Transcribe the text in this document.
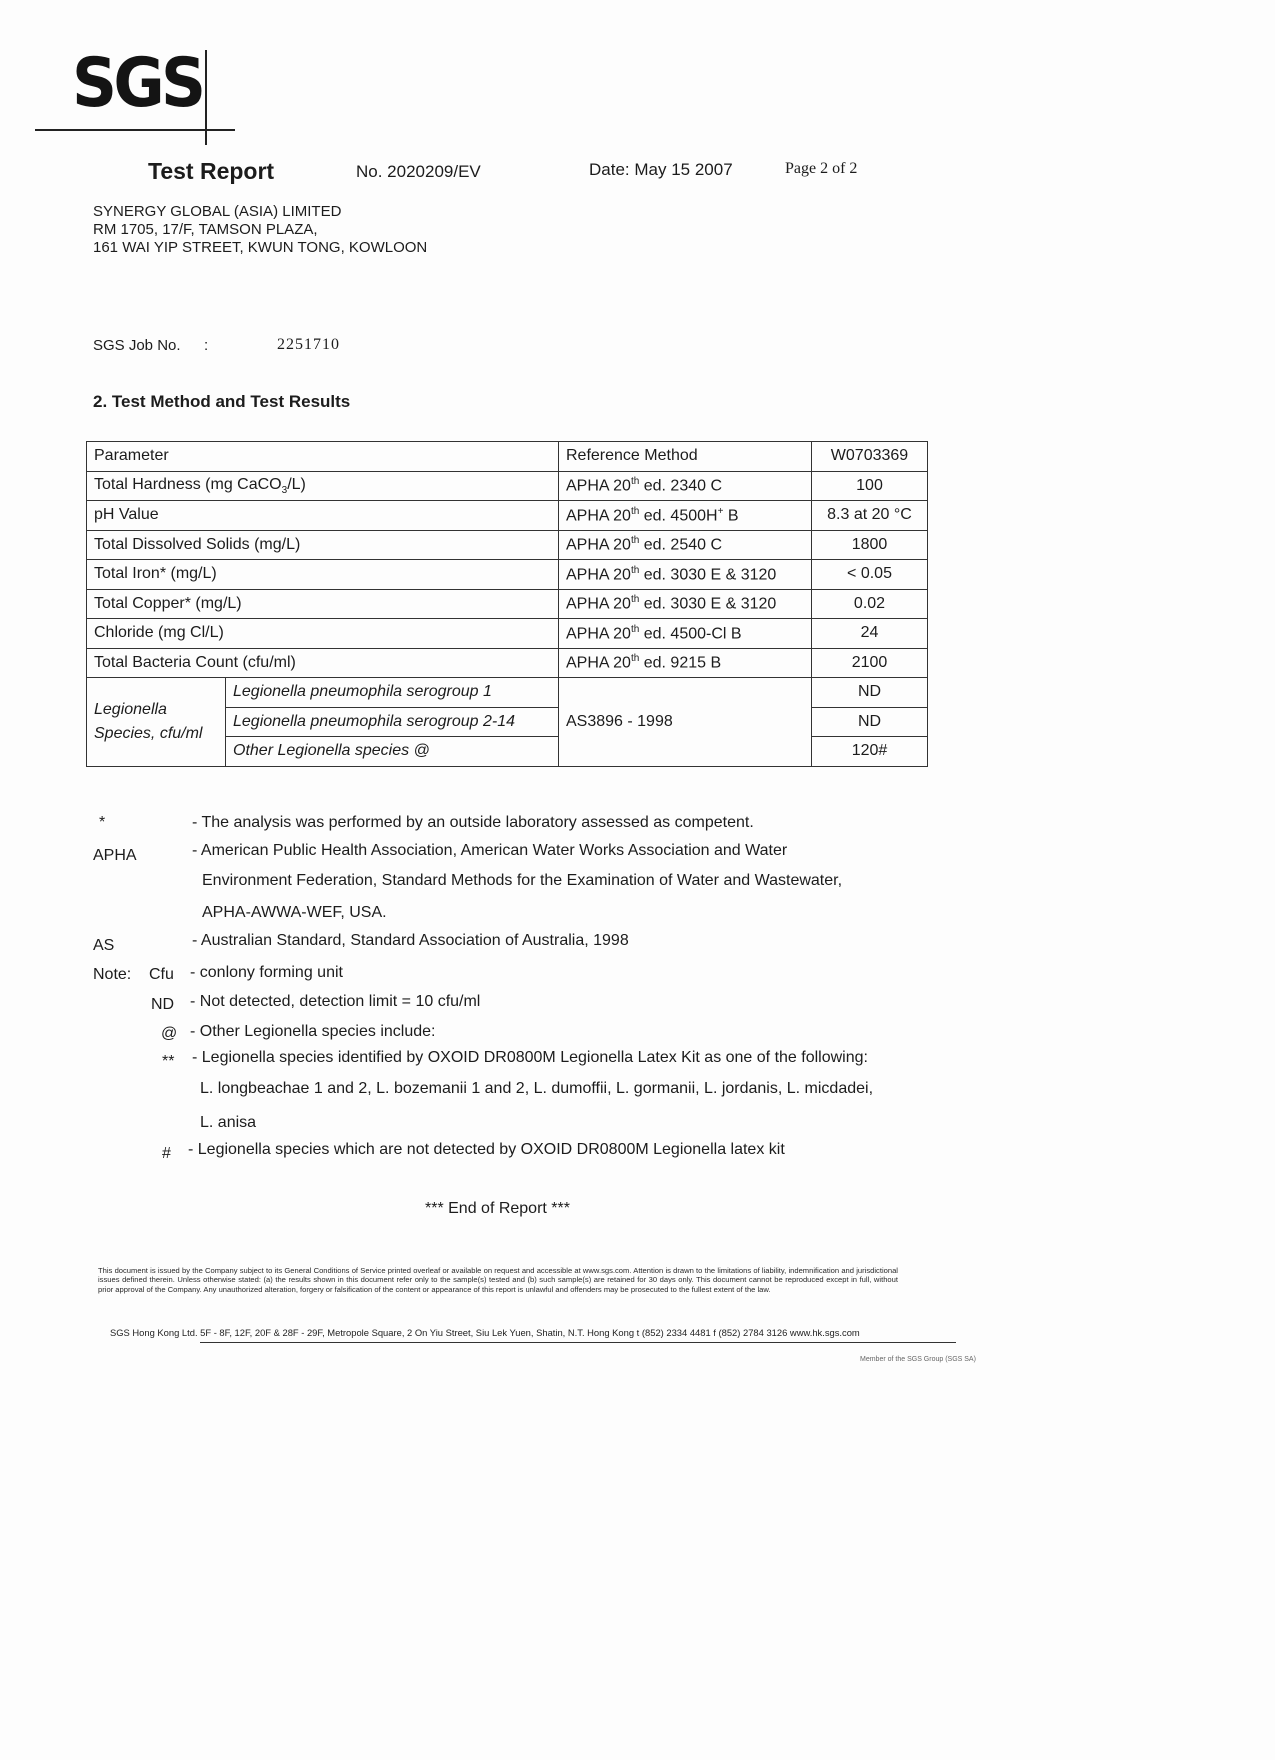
SGS
Test Report	No. 2020209/EV	Date: May 15 2007	Page 2 of 2
SYNERGY GLOBAL (ASIA) LIMITED
RM 1705, 17/F, TAMSON PLAZA,
161 WAI YIP STREET, KWUN TONG, KOWLOON
SGS Job No. :	2251710
2. Test Method and Test Results
Parameter		Reference Method	W0703369
Total Hardness (mg CaCO$_3$/L)		APHA 20th ed. 2340 C	100
pH Value		APHA 20th ed. 4500H+ B	8.3 at 20 °C
Total Dissolved Solids (mg/L)		APHA 20th ed. 2540 C	1800
Total Iron* (mg/L)		APHA 20th ed. 3030 E & 3120	< 0.05
Total Copper* (mg/L)		APHA 20th ed. 3030 E & 3120	0.02
Chloride (mg Cl/L)		APHA 20th ed. 4500-Cl B	24
Total Bacteria Count (cfu/ml)		APHA 20th ed. 9215 B	2100

Legionella
Species, cfu/ml	Legionella pneumophila serogroup 1	AS3896 - 1998	ND
	Legionella pneumophila serogroup 2-14		ND
	Other Legionella species @		120#
*	- The analysis was performed by an outside laboratory assessed as competent.
APHA	- American Public Health Association, American Water Works Association and Water
Environment Federation, Standard Methods for the Examination of Water and Wastewater,
APHA-AWWA-WEF, USA.
AS	- Australian Standard, Standard Association of Australia, 1998
Note: Cfu - conlony forming unit
ND - Not detected, detection limit = 10 cfu/ml
@ - Other Legionella species include:
** - Legionella species identified by OXOID DR0800M Legionella Latex Kit as one of the following:
L. longbeachae 1 and 2, L. bozemanii 1 and 2, L. dumoffii, L. gormanii, L. jordanis, L. micdadei,
L. anisa
# - Legionella species which are not detected by OXOID DR0800M Legionella latex kit
*** End of Report ***
This document is issued by the Company subject to its General Conditions of Service printed overleaf or available on request and accessible at www.sgs.com. Attention is drawn to the limitations of liability, indemnification and jurisdictional issues defined therein. Unless otherwise stated: (a) the results shown in this document refer only to the sample(s) tested and (b) such sample(s) are retained for 30 days only. This document cannot be reproduced except in full, without prior approval of the Company. Any unauthorized alteration, forgery or falsification of the content or appearance of this report is unlawful and offenders may be prosecuted to the fullest extent of the law.
SGS Hong Kong Ltd. 5F - 8F, 12F, 20F & 28F - 29F, Metropole Square, 2 On Yiu Street, Siu Lek Yuen, Shatin, N.T. Hong Kong t (852) 2334 4481 f (852) 2784 3126 www.hk.sgs.com
Member of the SGS Group (SGS SA)
